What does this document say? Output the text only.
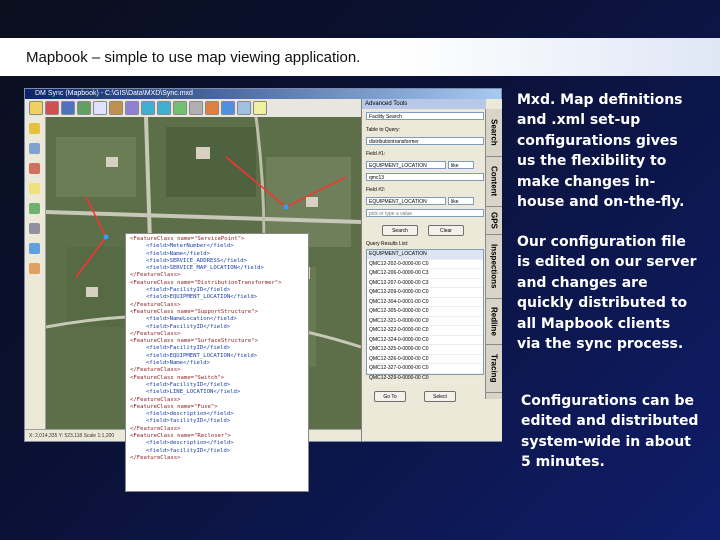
Mapbook – simple to use map viewing application.
DM Sync (Mapbook) - C:\GIS\Data\MXD\Sync.mxd
X: 2,014,335 Y: 523,118 Scale 1:1,200
Advanced Tools
Search
Content
GPS
Inspections
Redline
Tracing
Facility Search
Table to Query:
distributiontransformer
Field #1:
EQUIPMENT_LOCATION	like
qmc13
Field #2:
EQUIPMENT_LOCATION	like
pick or type a value
Search	Clear
Query Results List:
EQUIPMENT_LOCATION
QMC12-202-0-0000-00 C0
QMC12-206-0-0000-00 C3
QMC12-207-0-0000-00 C3
QMC12-209-0-0000-00 C0
QMC12-304-0-0001-00 C0
QMC12-305-0-0000-00 C0
QMC12-321-0-0000-00 C0
QMC12-322-0-0000-00 C0
QMC12-324-0-0000-00 C0
QMC12-325-0-0000-00 C0
QMC12-326-0-0000-00 C0
QMC12-327-0-0000-00 C0
QMC12-329-0-0000-00 C0
Go To	Select
<FeatureClass name="ServicePoint">
<field>MeterNumber</field>
<field>Name</field>
<field>SERVICE_ADDRESS</field>
<field>SERVICE_MAP_LOCATION</field>
</FeatureClass>
<FeatureClass name="DistributionTransformer">
<field>FacilityID</field>
<field>EQUIPMENT_LOCATION</field>
</FeatureClass>
<FeatureClass name="SupportStructure">
<field>NameLocation</field>
<field>FacilityID</field>
</FeatureClass>
<FeatureClass name="SurfaceStructure">
<field>FacilityID</field>
<field>EQUIPMENT_LOCATION</field>
<field>Name</field>
</FeatureClass>
<FeatureClass name="Switch">
<field>FacilityID</field>
<field>LINE_LOCATION</field>
</FeatureClass>
<FeatureClass name="Fuse">
<field>description</field>
<field>facilityID</field>
</FeatureClass>
<FeatureClass name="Recloser">
<field>description</field>
<field>facilityID</field>
</FeatureClass>
Mxd. Map definitions and .xml set-up configurations gives us the flexibility to make changes in-house and on-the-fly.
Our configuration file is edited on our server and changes are quickly distributed to all Mapbook clients via the sync process.
Configurations can be edited and distributed system-wide in about 5 minutes.
